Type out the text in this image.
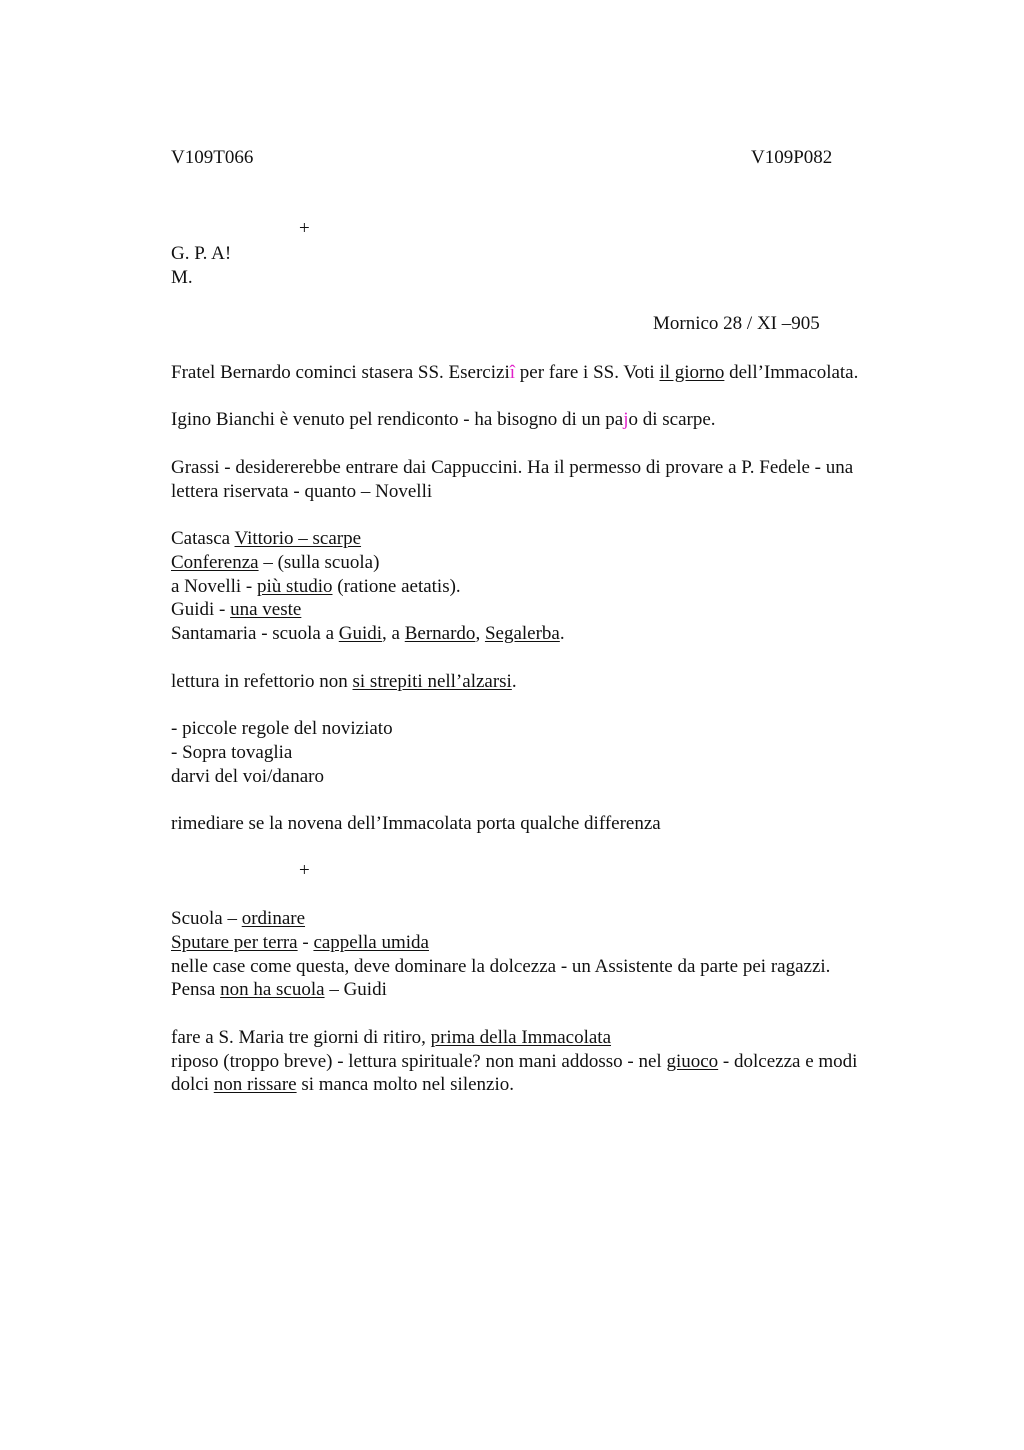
V109T066	V109P082
+
G. P. A!
M.
Mornico 28 / XI –905
Fratel Bernardo cominci stasera SS. Eserciziî per fare i SS. Voti il giorno dell’Immacolata.
Igino Bianchi è venuto pel rendiconto - ha bisogno di un pajo di scarpe.
Grassi - desidererebbe entrare dai Cappuccini. Ha il permesso di provare a P. Fedele - una
lettera riservata - quanto – Novelli
Catasca Vittorio – scarpe
Conferenza – (sulla scuola)
a Novelli - più studio (ratione aetatis).
Guidi - una veste
Santamaria - scuola a Guidi, a Bernardo, Segalerba.
lettura in refettorio non si strepiti nell’alzarsi.
- piccole regole del noviziato
- Sopra tovaglia
darvi del voi/danaro
rimediare se la novena dell’Immacolata porta qualche differenza
+
Scuola – ordinare
Sputare per terra - cappella umida
nelle case come questa, deve dominare la dolcezza - un Assistente da parte pei ragazzi.
Pensa non ha scuola – Guidi
fare a S. Maria tre giorni di ritiro, prima della Immacolata
riposo (troppo breve) - lettura spirituale? non mani addosso - nel giuoco - dolcezza e modi
dolci non rissare si manca molto nel silenzio.
